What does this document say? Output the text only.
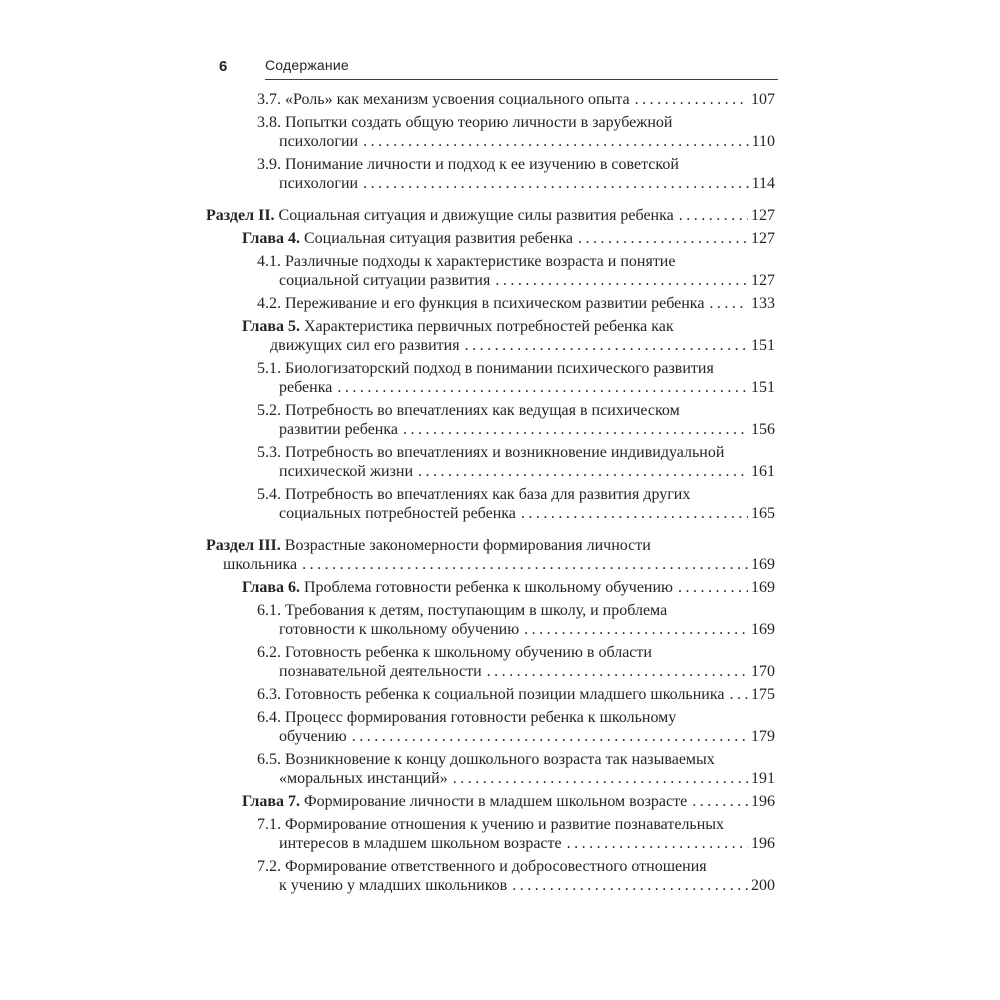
6	Содержание
3.7. «Роль» как механизм усвоения социального опыта .....	107
3.8. Попытки создать общую теорию личности в зарубежной
психологии .....	110
3.9. Понимание личности и подход к ее изучению в советской
психологии .....	114
Раздел II. Социальная ситуация и движущие силы развития ребенка .....	127
Глава 4. Социальная ситуация развития ребенка .....	127
4.1. Различные подходы к характеристике возраста и понятие
социальной ситуации развития .....	127
4.2. Переживание и его функция в психическом развитии ребенка .....	133
Глава 5. Характеристика первичных потребностей ребенка как
движущих сил его развития .....	151
5.1. Биологизаторский подход в понимании психического развития
ребенка .....	151
5.2. Потребность во впечатлениях как ведущая в психическом
развитии ребенка .....	156
5.3. Потребность во впечатлениях и возникновение индивидуальной
психической жизни .....	161
5.4. Потребность во впечатлениях как база для развития других
социальных потребностей ребенка .....	165
Раздел III. Возрастные закономерности формирования личности
школьника .....	169
Глава 6. Проблема готовности ребенка к школьному обучению .....	169
6.1. Требования к детям, поступающим в школу, и проблема
готовности к школьному обучению .....	169
6.2. Готовность ребенка к школьному обучению в области
познавательной деятельности .....	170
6.3. Готовность ребенка к социальной позиции младшего школьника ..... 175
6.4. Процесс формирования готовности ребенка к школьному
обучению .....	179
6.5. Возникновение к концу дошкольного возраста так называемых
«моральных инстанций» .....	191
Глава 7. Формирование личности в младшем школьном возрасте .....	196
7.1. Формирование отношения к учению и развитие познавательных
интересов в младшем школьном возрасте .....	196
7.2. Формирование ответственного и добросовестного отношения
к учению у младших школьников .....	200
